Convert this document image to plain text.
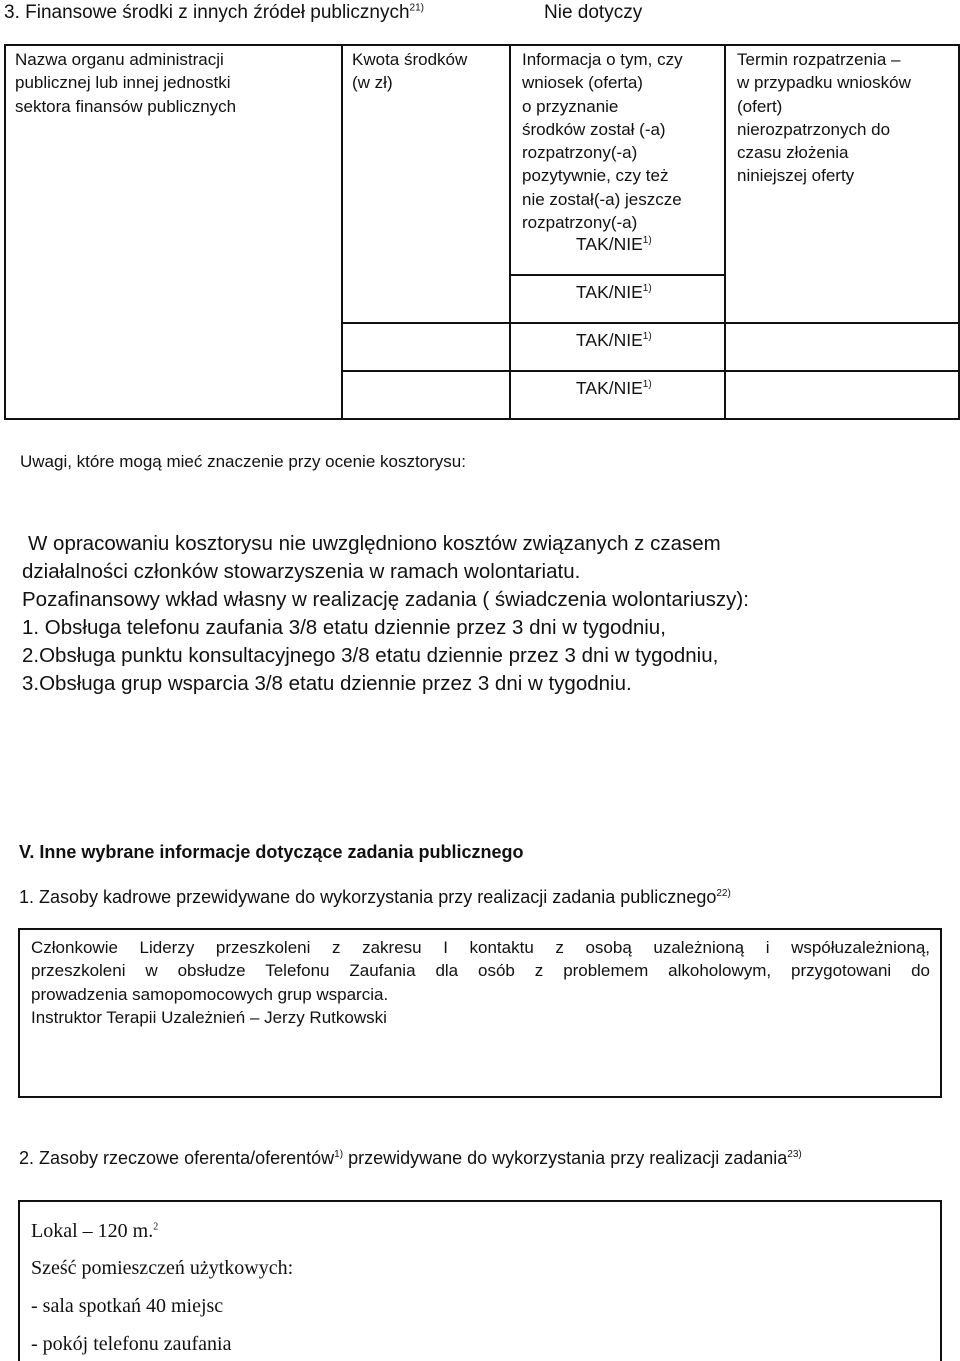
3. Finansowe środki z innych źródeł publicznych$^{21)}$	Nie dotyczy
Nazwa organu administracji
publicznej lub innej jednostki
sektora finansów publicznych
Kwota środków
(w zł)
Informacja o tym, czy
wniosek (oferta)
o przyznanie
środków został (-a)
rozpatrzony(-a)
pozytywnie, czy też
nie został(-a) jeszcze
rozpatrzony(-a)
Termin rozpatrzenia –
w przypadku wniosków
(ofert)
nierozpatrzonych do
czasu złożenia
niniejszej oferty
TAK/NIE$^{1)}$
TAK/NIE$^{1)}$
TAK/NIE$^{1)}$
TAK/NIE$^{1)}$
Uwagi, które mogą mieć znaczenie przy ocenie kosztorysu:
W opracowaniu kosztorysu nie uwzględniono kosztów związanych z czasem
działalności członków stowarzyszenia w ramach wolontariatu.
Pozafinansowy wkład własny w realizację zadania ( świadczenia wolontariuszy):
1. Obsługa telefonu zaufania 3/8 etatu dziennie przez 3 dni w tygodniu,
2.Obsługa punktu konsultacyjnego 3/8 etatu dziennie przez 3 dni w tygodniu,
3.Obsługa grup wsparcia 3/8 etatu dziennie przez 3 dni w tygodniu.
V. Inne wybrane informacje dotyczące zadania publicznego
1. Zasoby kadrowe przewidywane do wykorzystania przy realizacji zadania publicznego$^{22)}$
Członkowie Liderzy przeszkoleni z zakresu I kontaktu z osobą uzależnioną i współuzależnioną,
przeszkoleni w obsłudze Telefonu Zaufania dla osób z problemem alkoholowym, przygotowani do
prowadzenia samopomocowych grup wsparcia.
Instruktor Terapii Uzależnień – Jerzy Rutkowski
2. Zasoby rzeczowe oferenta/oferentów$^{1)}$ przewidywane do wykorzystania przy realizacji zadania$^{23)}$
Lokal – 120 m.$^2$
Sześć pomieszczeń użytkowych:
- sala spotkań 40 miejsc
- pokój telefonu zaufania
